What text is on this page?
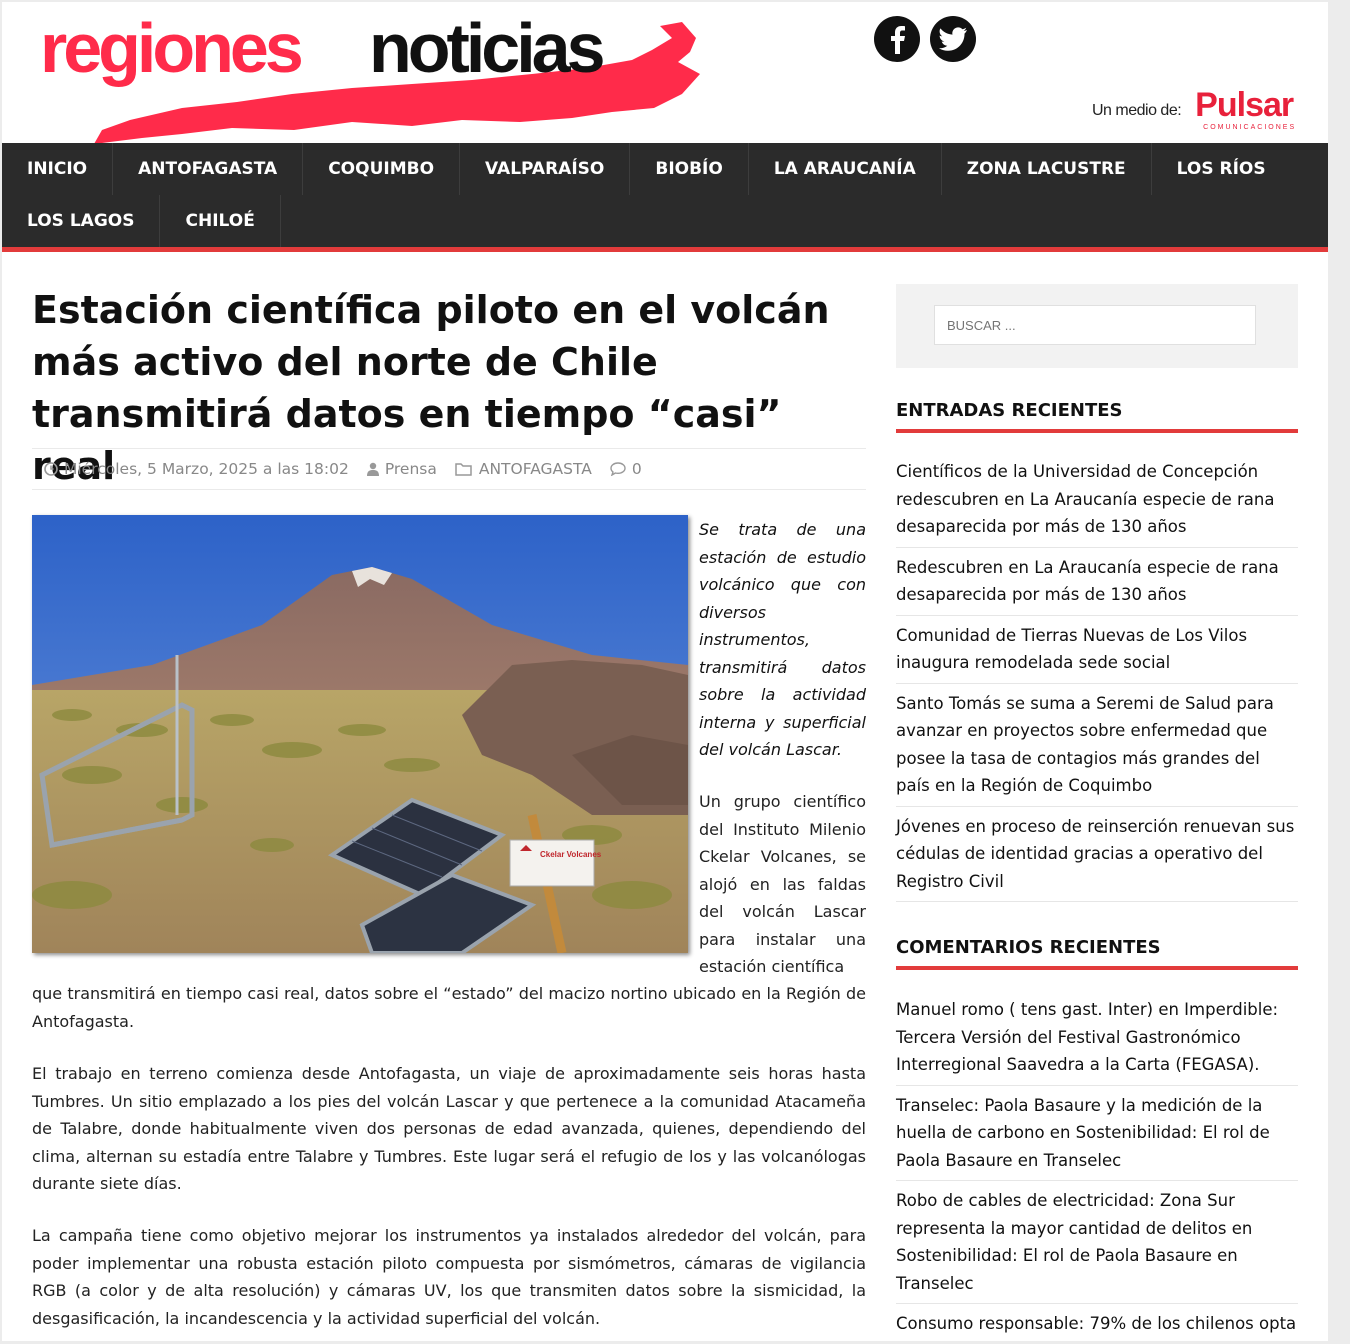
regiones noticias
Un medio de: Pulsar
COMUNICACIONES
INICIO	ANTOFAGASTA	COQUIMBO	VALPARAÍSO	BIOBÍO	LA ARAUCANÍA	ZONA LACUSTRE	LOS RÍOS
LOS LAGOS	CHILOÉ
Estación científica piloto en el volcán más activo del norte de Chile transmitirá datos en tiempo “casi” real
Miércoles, 5 Marzo, 2025 a las 18:02 Prensa	ANTOFAGASTA	0
Ckelar Volcanes

Se trata de una estación de estudio volcánico que con diversos instrumentos, transmitirá datos sobre la actividad interna y superficial del volcán Lascar.

Un grupo científico del Instituto Milenio Ckelar Volcanes, se alojó en las faldas del volcán Lascar para instalar una estación científica

que transmitirá en tiempo casi real, datos sobre el “estado” del macizo nortino ubicado en la Región de Antofagasta.

El trabajo en terreno comienza desde Antofagasta, un viaje de aproximadamente seis horas hasta Tumbres. Un sitio emplazado a los pies del volcán Lascar y que pertenece a la comunidad Atacameña de Talabre, donde habitualmente viven dos personas de edad avanzada, quienes, dependiendo del clima, alternan su estadía entre Talabre y Tumbres. Este lugar será el refugio de los y las volcanólogas durante siete días.

La campaña tiene como objetivo mejorar los instrumentos ya instalados alrededor del volcán, para poder implementar una robusta estación piloto compuesta por sismómetros, cámaras de vigilancia RGB (a color y de alta resolución) y cámaras UV, los que transmiten datos sobre la sismicidad, la desgasificación, la incandescencia y la actividad superficial del volcán.

BUSCAR ...
ENTRADAS RECIENTES
Científicos de la Universidad de Concepción redescubren en La Araucanía especie de rana desaparecida por más de 130 años
Redescubren en La Araucanía especie de rana desaparecida por más de 130 años
Comunidad de Tierras Nuevas de Los Vilos inaugura remodelada sede social
Santo Tomás se suma a Seremi de Salud para avanzar en proyectos sobre enfermedad que posee la tasa de contagios más grandes del país en la Región de Coquimbo
Jóvenes en proceso de reinserción renuevan sus cédulas de identidad gracias a operativo del Registro Civil
COMENTARIOS RECIENTES
Manuel romo ( tens gast. Inter) en Imperdible: Tercera Versión del Festival Gastronómico Interregional Saavedra a la Carta (FEGASA).
Transelec: Paola Basaure y la medición de la huella de carbono en Sostenibilidad: El rol de Paola Basaure en Transelec
Robo de cables de electricidad: Zona Sur representa la mayor cantidad de delitos en Sostenibilidad: El rol de Paola Basaure en Transelec
Consumo responsable: 79% de los chilenos opta
